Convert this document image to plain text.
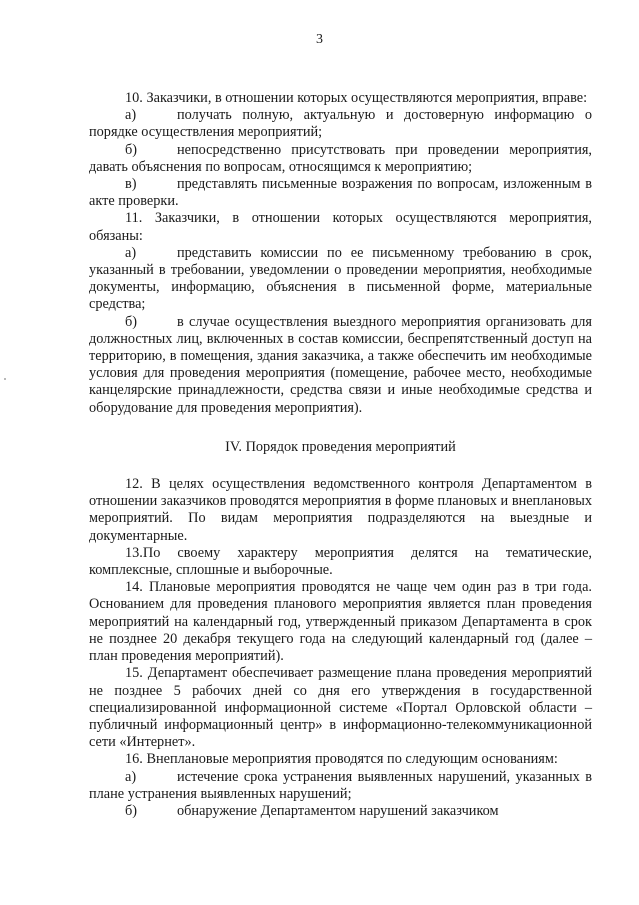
3

10. Заказчики, в отношении которых осуществляются мероприятия, вправе:

а)	получать полную, актуальную и достоверную информацию о порядке осуществления мероприятий;

б)	непосредственно присутствовать при проведении мероприятия, давать объяснения по вопросам, относящимся к мероприятию;

в)	представлять письменные возражения по вопросам, изложенным в акте проверки.

11. Заказчики, в отношении которых осуществляются мероприятия, обязаны:

а)	представить комиссии по ее письменному требованию в срок, указанный в требовании, уведомлении о проведении мероприятия, необходимые документы, информацию, объяснения в письменной форме, материальные средства;

б)	в случае осуществления выездного мероприятия организовать для должностных лиц, включенных в состав комиссии, беспрепятственный доступ на территорию, в помещения, здания заказчика, а также обеспечить им необходимые условия для проведения мероприятия (помещение, рабочее место, необходимые канцелярские принадлежности, средства связи и иные необходимые средства и оборудование для проведения мероприятия).

IV. Порядок проведения мероприятий

12. В целях осуществления ведомственного контроля Департаментом в отношении заказчиков проводятся мероприятия в форме плановых и внеплановых мероприятий. По видам мероприятия подразделяются на выездные и документарные.

13.По своему характеру мероприятия делятся на тематические, комплексные, сплошные и выборочные.

14. Плановые мероприятия проводятся не чаще чем один раз в три года. Основанием для проведения планового мероприятия является план проведения мероприятий на календарный год, утвержденный приказом Департамента в срок не позднее 20 декабря текущего года на следующий календарный год (далее – план проведения мероприятий).

15. Департамент обеспечивает размещение плана проведения мероприятий не позднее 5 рабочих дней со дня его утверждения в государственной специализированной информационной системе «Портал Орловской области – публичный информационный центр» в информационно-телекоммуникационной сети «Интернет».

16. Внеплановые мероприятия проводятся по следующим основаниям:

а)	истечение срока устранения выявленных нарушений, указанных в плане устранения выявленных нарушений;

б)	обнаружение Департаментом нарушений заказчиком
